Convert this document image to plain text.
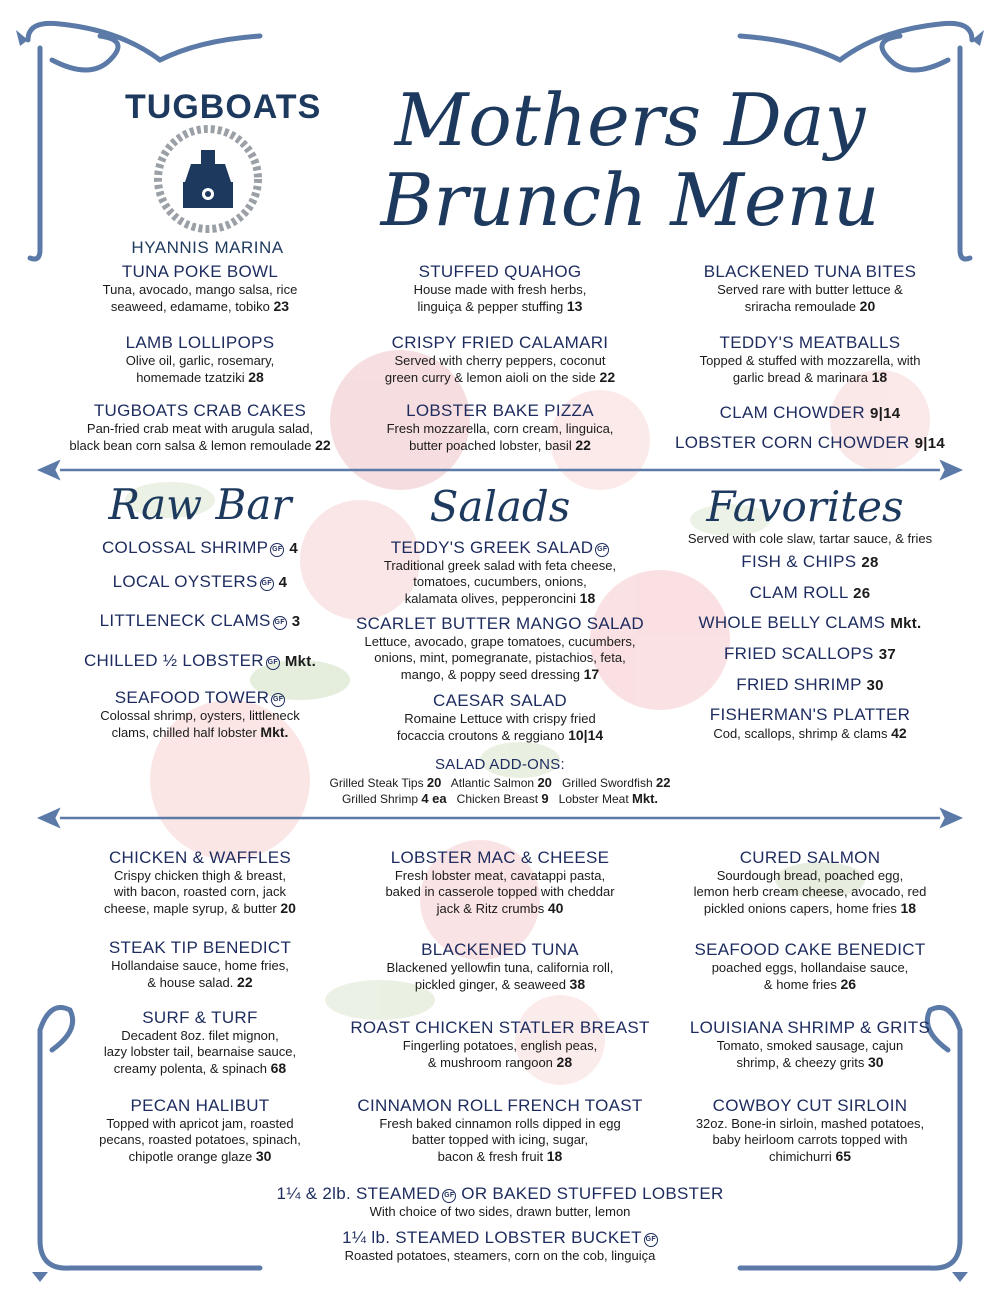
TUGBOATS
CapeCod
HYANNIS MARINA
Mothers Day
Brunch Menu
TUNA POKE BOWL
Tuna, avocado, mango salsa, rice
seaweed, edamame, tobiko 23
STUFFED QUAHOG
House made with fresh herbs,
linguiça & pepper stuffing 13
BLACKENED TUNA BITES
Served rare with butter lettuce &
sriracha remoulade 20
LAMB LOLLIPOPS
Olive oil, garlic, rosemary,
homemade tzatziki 28
CRISPY FRIED CALAMARI
Served with cherry peppers, coconut
green curry & lemon aioli on the side 22
TEDDY'S MEATBALLS
Topped & stuffed with mozzarella, with
garlic bread & marinara 18
TUGBOATS CRAB CAKES
Pan-fried crab meat with arugula salad,
black bean corn salsa & lemon remoulade 22
LOBSTER BAKE PIZZA
Fresh mozzarella, corn cream, linguica,
butter poached lobster, basil 22
CLAM CHOWDER 9|14
LOBSTER CORN CHOWDER 9|14
Raw Bar
COLOSSAL SHRIMP GF 4
LOCAL OYSTERS GF 4
LITTLENECK CLAMS GF 3
CHILLED ½ LOBSTER GF Mkt.
SEAFOOD TOWER GF
Colossal shrimp, oysters, littleneck
clams, chilled half lobster Mkt.
Salads
TEDDY'S GREEK SALAD GF
Traditional greek salad with feta cheese,
tomatoes, cucumbers, onions,
kalamata olives, pepperoncini 18
SCARLET BUTTER MANGO SALAD
Lettuce, avocado, grape tomatoes, cucumbers,
onions, mint, pomegranate, pistachios, feta,
mango, & poppy seed dressing 17
CAESAR SALAD
Romaine Lettuce with crispy fried
focaccia croutons & reggiano 10|14
SALAD ADD-ONS:
Grilled Steak Tips 20 Atlantic Salmon 20 Grilled Swordfish 22
Grilled Shrimp 4 ea Chicken Breast 9 Lobster Meat Mkt.
Favorites
Served with cole slaw, tartar sauce, & fries
FISH & CHIPS 28
CLAM ROLL 26
WHOLE BELLY CLAMS Mkt.
FRIED SCALLOPS 37
FRIED SHRIMP 30
FISHERMAN'S PLATTER
Cod, scallops, shrimp & clams 42
CHICKEN & WAFFLES
Crispy chicken thigh & breast,
with bacon, roasted corn, jack
cheese, maple syrup, & butter 20
LOBSTER MAC & CHEESE
Fresh lobster meat, cavatappi pasta,
baked in casserole topped with cheddar
jack & Ritz crumbs 40
CURED SALMON
Sourdough bread, poached egg,
lemon herb cream cheese, avocado, red
pickled onions capers, home fries 18
STEAK TIP BENEDICT
Hollandaise sauce, home fries,
& house salad. 22
BLACKENED TUNA
Blackened yellowfin tuna, california roll,
pickled ginger, & seaweed 38
SEAFOOD CAKE BENEDICT
poached eggs, hollandaise sauce,
& home fries 26
SURF & TURF
Decadent 8oz. filet mignon,
lazy lobster tail, bearnaise sauce,
creamy polenta, & spinach 68
ROAST CHICKEN STATLER BREAST
Fingerling potatoes, english peas,
& mushroom rangoon 28
LOUISIANA SHRIMP & GRITS
Tomato, smoked sausage, cajun
shrimp, & cheezy grits 30
PECAN HALIBUT
Topped with apricot jam, roasted
pecans, roasted potatoes, spinach,
chipotle orange glaze 30
CINNAMON ROLL FRENCH TOAST
Fresh baked cinnamon rolls dipped in egg
batter topped with icing, sugar,
bacon & fresh fruit 18
COWBOY CUT SIRLOIN
32oz. Bone-in sirloin, mashed potatoes,
baby heirloom carrots topped with
chimichurri 65
1¼ & 2lb. STEAMED GF OR BAKED STUFFED LOBSTER
With choice of two sides, drawn butter, lemon
1¼ lb. STEAMED LOBSTER BUCKET GF
Roasted potatoes, steamers, corn on the cob, linguiça
